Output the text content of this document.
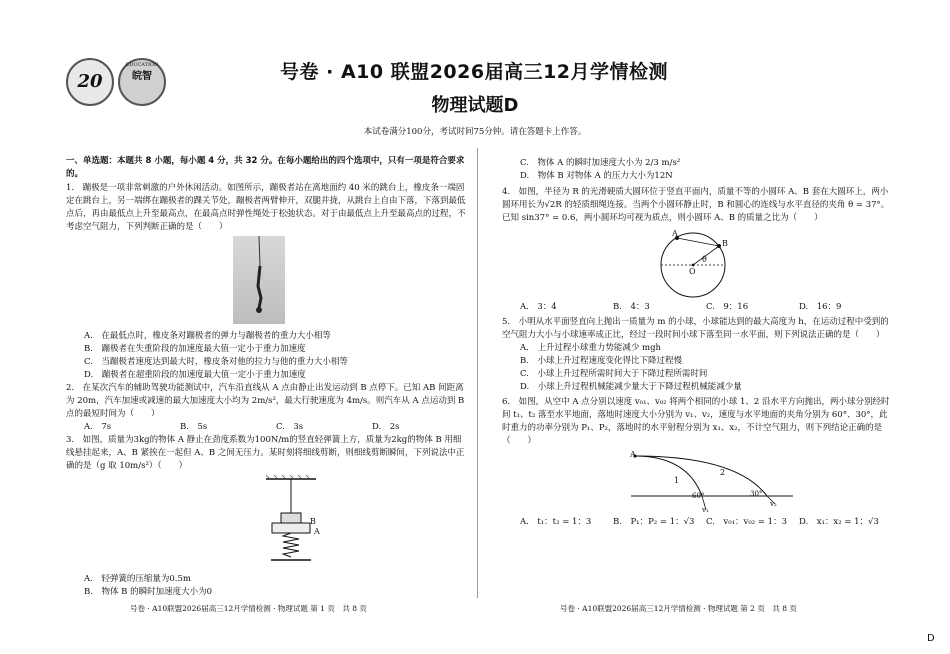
20
EDUCATION
皖智	号卷 · A10 联盟2026届高三12月学情检测
物理试题D
本试卷满分100分，考试时间75分钟。请在答题卡上作答。

一、单选题：本题共 8 小题，每小题 4 分，共 32 分。在每小题给出的四个选项中，只有一项是符合要求的。

1.　蹦极是一项非常刺激的户外休闲活动。如图所示，蹦极者站在离地面约 40 米的跳台上，橡皮条一端固定在跳台上，另一端绑在蹦极者的踝关节处，蹦极者两臂伸开，双腿并拢，从跳台上自由下落，下落到最低点后，再由最低点上升至最高点，在最高点时弹性绳处于松弛状态。对于由最低点上升至最高点的过程，不考虑空气阻力，下列判断正确的是（　　）

A.　在最低点时，橡皮条对蹦极者的弹力与蹦极者的重力大小相等

B.　蹦极者在失重阶段的加速度最大值一定小于重力加速度

C.　当蹦极者速度达到最大时，橡皮条对他的拉力与他的重力大小相等

D.　蹦极者在超重阶段的加速度最大值一定小于重力加速度

2.　在某次汽车的辅助驾驶功能测试中，汽车沿直线从 A 点由静止出发运动到 B 点停下。已知 AB 间距离为 20m，汽车加速或减速的最大加速度大小均为 2m/s²，最大行驶速度为 4m/s。则汽车从 A 点运动到 B 点的最短时间为（　　）

A.　7s	B.　5s	C.　3s	D.　2s

3.　如图，质量为3kg的物体 A 静止在劲度系数为100N/m的竖直轻弹簧上方，质量为2kg的物体 B 用细线悬挂起来，A、B 紧挨在一起但 A、B 之间无压力。某时刻将细线剪断，则细线剪断瞬间，下列说法中正确的是（g 取 10m/s²）（　　）

B
A

A.　轻弹簧的压缩量为0.5m

B.　物体 B 的瞬时加速度大小为0

C.　物体 A 的瞬时加速度大小为 2/3 m/s²

D.　物体 B 对物体 A 的压力大小为12N

4.　如图，半径为 R 的光滑硬质大圆环位于竖直平面内，质量不等的小圆环 A、B 套在大圆环上，两小圆环用长为√2R 的轻质细绳连接。当两个小圆环静止时，B 和圆心的连线与水平直径的夹角 θ = 37°。已知 sin37° = 0.6，两小圆环均可视为质点，则小圆环 A、B 的质量之比为（　　）

A
B
O
θ
A.　3：4	B.　4：3	C.　9：16	D.　16：9

5.　小明从水平面竖直向上抛出一质量为 m 的小球，小球能达到的最大高度为 h，在运动过程中受到的空气阻力大小与小球速率成正比，经过一段时间小球下落至同一水平面，则下列说法正确的是（　　）

A.　上升过程小球重力势能减少 mgh

B.　小球上升过程速度变化得比下降过程慢

C.　小球上升过程所需时间大于下降过程所需时间

D.　小球上升过程机械能减少量大于下降过程机械能减少量

6.　如图，从空中 A 点分别以速度 v₀₁、v₀₂ 将两个相同的小球 1、2 沿水平方向抛出，两小球分别经时间 t₁、t₂ 落至水平地面，落地时速度大小分别为 v₁、v₂，速度与水平地面的夹角分别为 60°、30°，此时重力的功率分别为 P₁、P₂，落地时的水平射程分别为 x₁、x₂，不计空气阻力，则下列结论正确的是（　　）

A
1
2
60°	30°
v₁
v₂
A.　t₁：t₂ = 1：3	B.　P₁：P₂ = 1：√3	C.　v₀₁：v₀₂ = 1：3	D.　x₁：x₂ = 1：√3
号卷 · A10联盟2026届高三12月学情检测 · 物理试题 第 1 页　共 8 页	号卷 · A10联盟2026届高三12月学情检测 · 物理试题 第 2 页　共 8 页
D
